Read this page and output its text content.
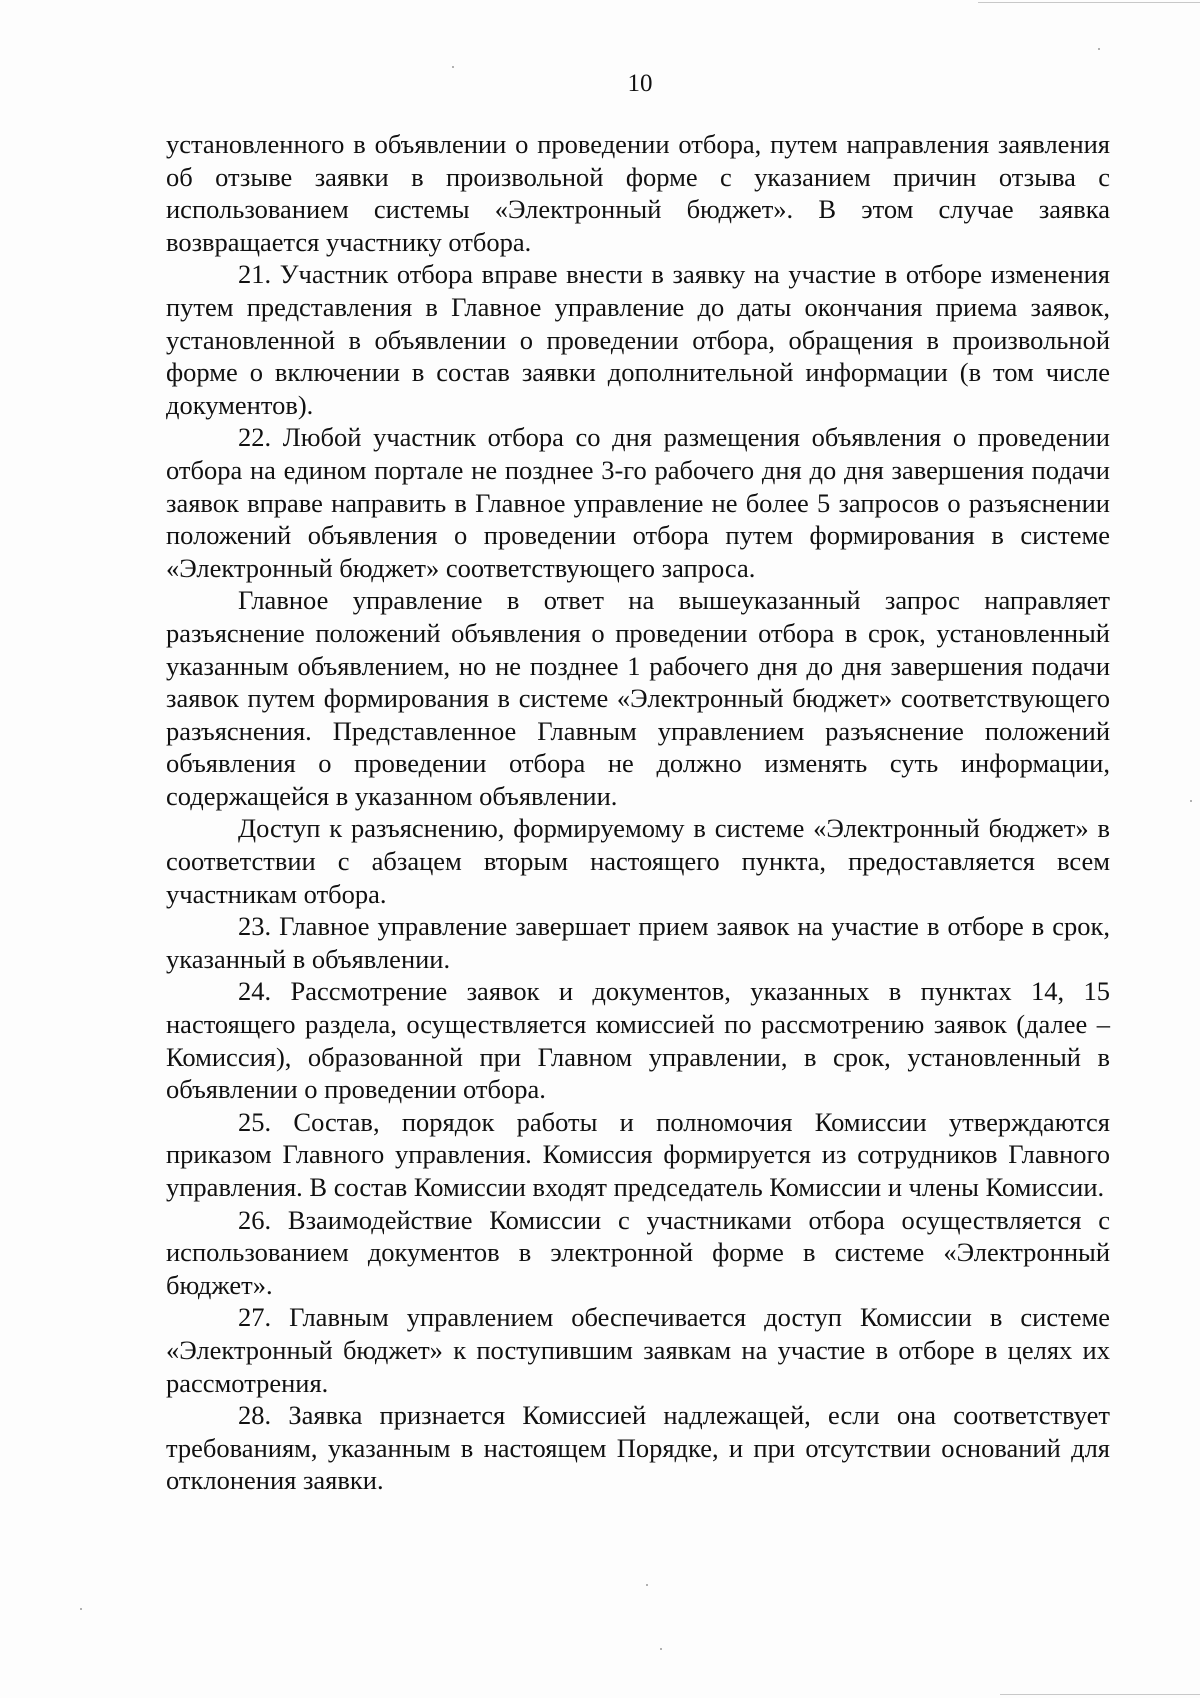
10

установленного в объявлении о проведении отбора, путем направления заявления об отзыве заявки в произвольной форме с указанием причин отзыва с использованием системы «Электронный бюджет». В этом случае заявка возвращается участнику отбора.

21. Участник отбора вправе внести в заявку на участие в отборе изменения путем представления в Главное управление до даты окончания приема заявок, установленной в объявлении о проведении отбора, обращения в произвольной форме о включении в состав заявки дополнительной информации (в том числе документов).

22. Любой участник отбора со дня размещения объявления о проведении отбора на едином портале не позднее 3-го рабочего дня до дня завершения подачи заявок вправе направить в Главное управление не более 5 запросов о разъяснении положений объявления о проведении отбора путем формирования в системе «Электронный бюджет» соответствующего запроса.

Главное управление в ответ на вышеуказанный запрос направляет разъяснение положений объявления о проведении отбора в срок, установленный указанным объявлением, но не позднее 1 рабочего дня до дня завершения подачи заявок путем формирования в системе «Электронный бюджет» соответствующего разъяснения. Представленное Главным управлением разъяснение положений объявления о проведении отбора не должно изменять суть информации, содержащейся в указанном объявлении.

Доступ к разъяснению, формируемому в системе «Электронный бюджет» в соответствии с абзацем вторым настоящего пункта, предоставляется всем участникам отбора.

23. Главное управление завершает прием заявок на участие в отборе в срок, указанный в объявлении.

24. Рассмотрение заявок и документов, указанных в пунктах 14, 15 настоящего раздела, осуществляется комиссией по рассмотрению заявок (далее – Комиссия), образованной при Главном управлении, в срок, установленный в объявлении о проведении отбора.

25. Состав, порядок работы и полномочия Комиссии утверждаются приказом Главного управления. Комиссия формируется из сотрудников Главного управления. В состав Комиссии входят председатель Комиссии и члены Комиссии.

26. Взаимодействие Комиссии с участниками отбора осуществляется с использованием документов в электронной форме в системе «Электронный бюджет».

27. Главным управлением обеспечивается доступ Комиссии в системе «Электронный бюджет» к поступившим заявкам на участие в отборе в целях их рассмотрения.

28. Заявка признается Комиссией надлежащей, если она соответствует требованиям, указанным в настоящем Порядке, и при отсутствии оснований для отклонения заявки.
